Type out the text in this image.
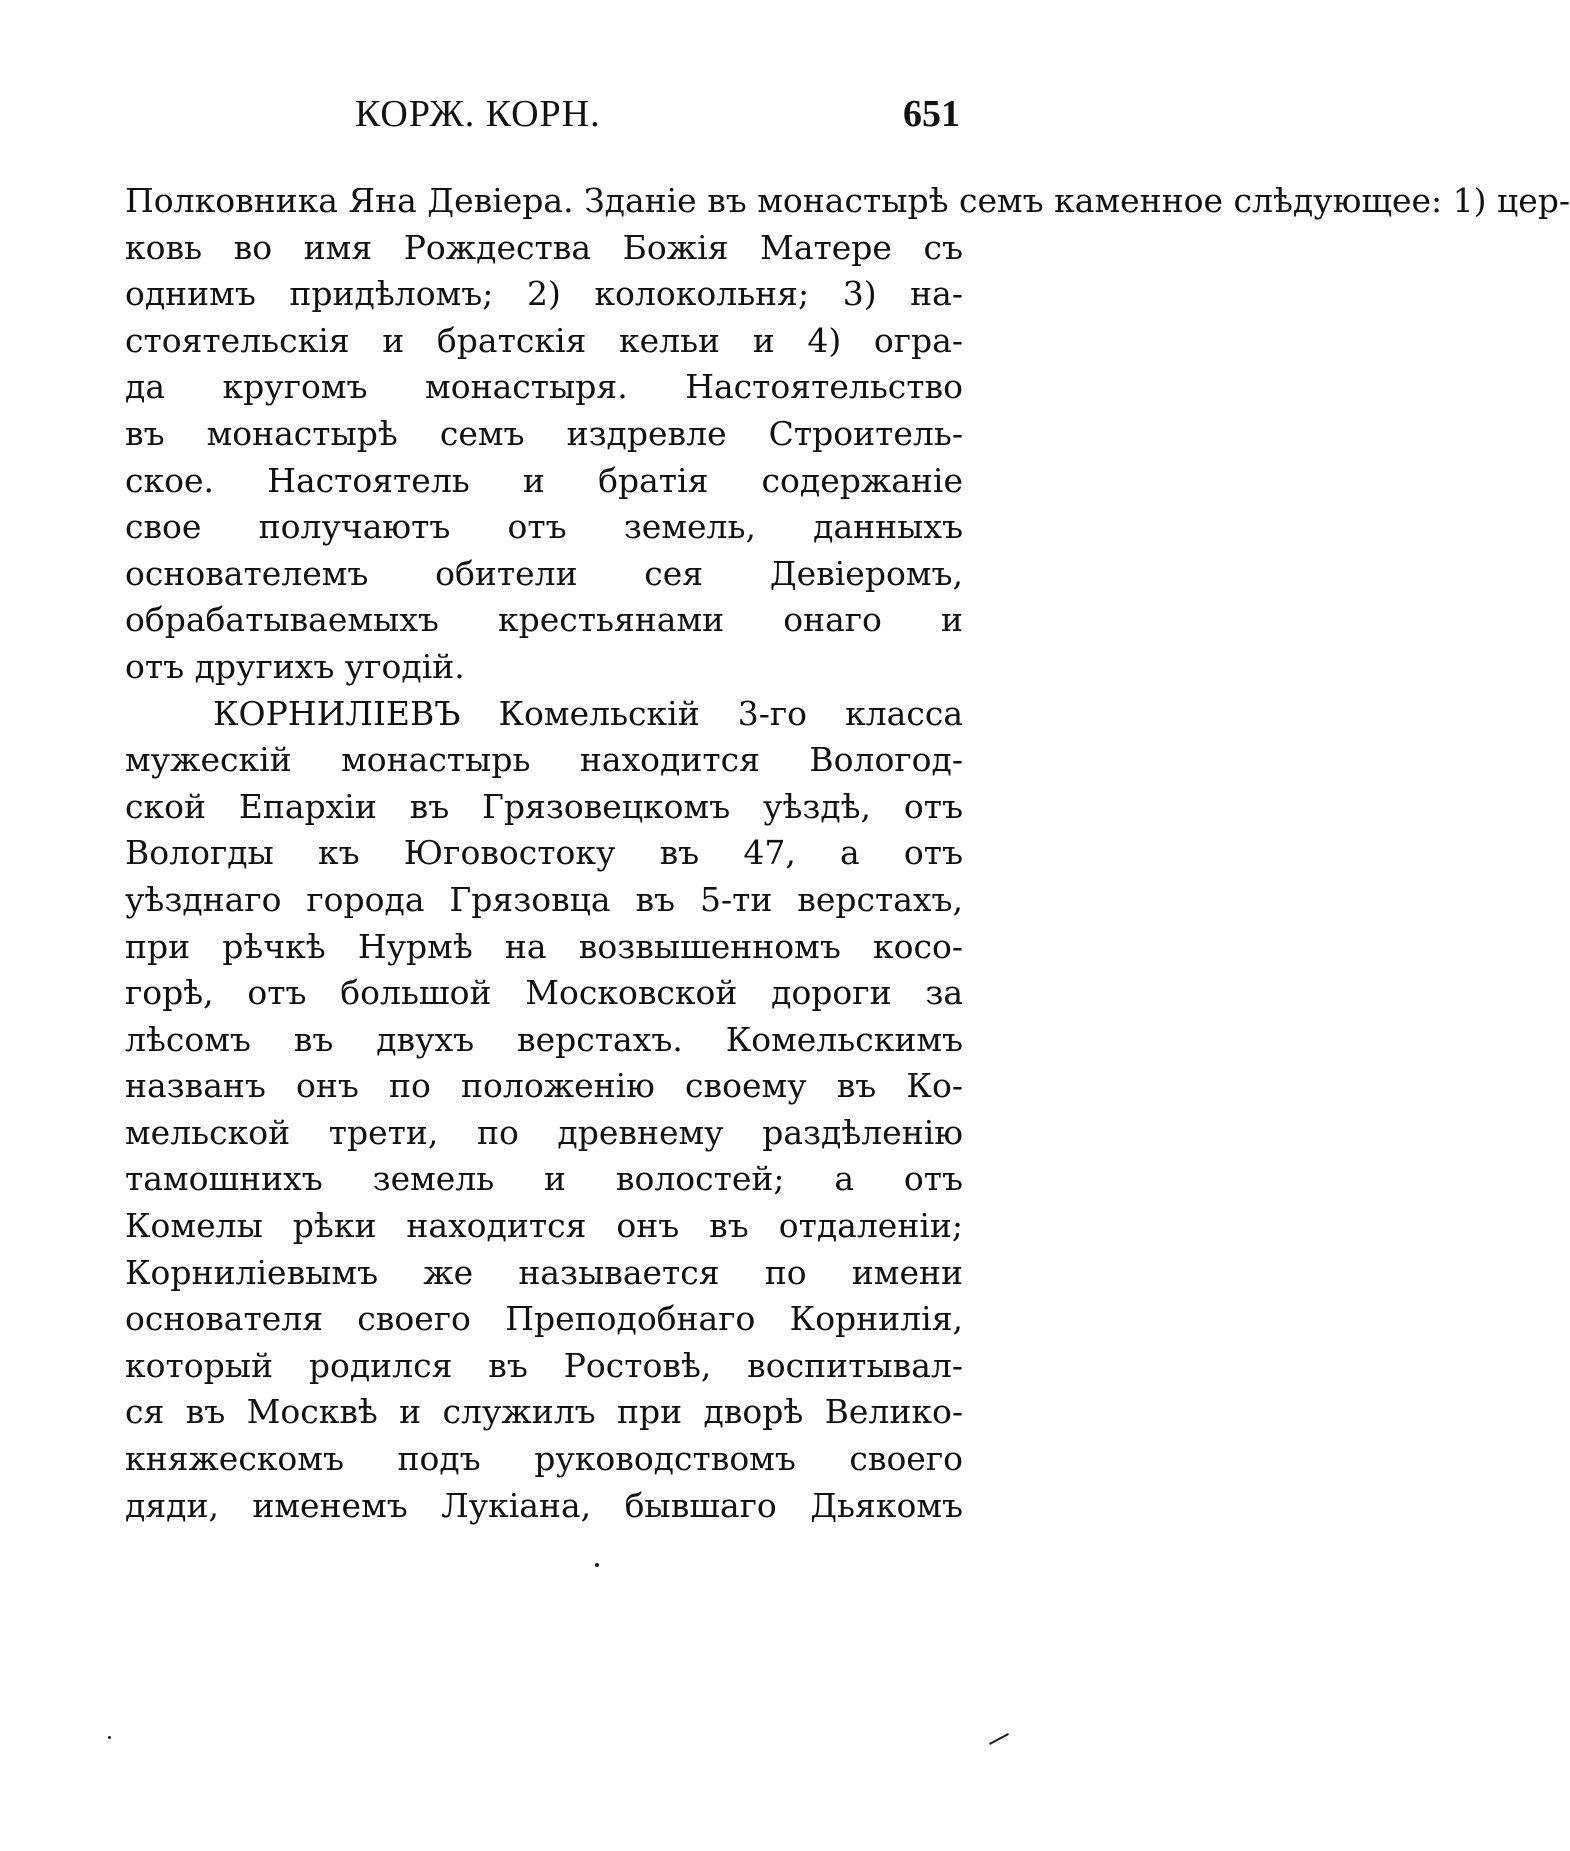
КОРЖ. КОРН.	651
Полковника Яна Девіера. Зданіе въ монастырѣ семъ каменное слѣдующее: 1) цер-
ковь во имя Рождества Божія Матере съ
однимъ придѣломъ; 2) колокольня; 3) на-
стоятельскія и братскія кельи и 4) огра-
да кругомъ монастыря. Настоятельство
въ монастырѣ семъ издревле Строитель-
ское. Настоятель и братія содержаніе
свое получаютъ отъ земель, данныхъ
основателемъ обители сея Девіеромъ,
обрабатываемыхъ крестьянами онаго и
отъ другихъ угодій.
КОРНИЛІЕВЪ Комельскій 3-го класса
мужескій монастырь находится Вологод-
ской Епархіи въ Грязовецкомъ уѣздѣ, отъ
Вологды къ Юговостоку въ 47, а отъ
уѣзднаго города Грязовца въ 5-ти верстахъ,
при рѣчкѣ Нурмѣ на возвышенномъ косо-
горѣ, отъ большой Московской дороги за
лѣсомъ въ двухъ верстахъ. Комельскимъ
названъ онъ по положенію своему въ Ко-
мельской трети, по древнему раздѣленію
тамошнихъ земель и волостей; а отъ
Комелы рѣки находится онъ въ отдаленіи;
Корниліевымъ же называется по имени
основателя своего Преподобнаго Корнилія,
который родился въ Ростовѣ, воспитывал-
ся въ Москвѣ и служилъ при дворѣ Велико-
княжескомъ подъ руководствомъ своего
дяди, именемъ Лукіана, бывшаго Дьякомъ
